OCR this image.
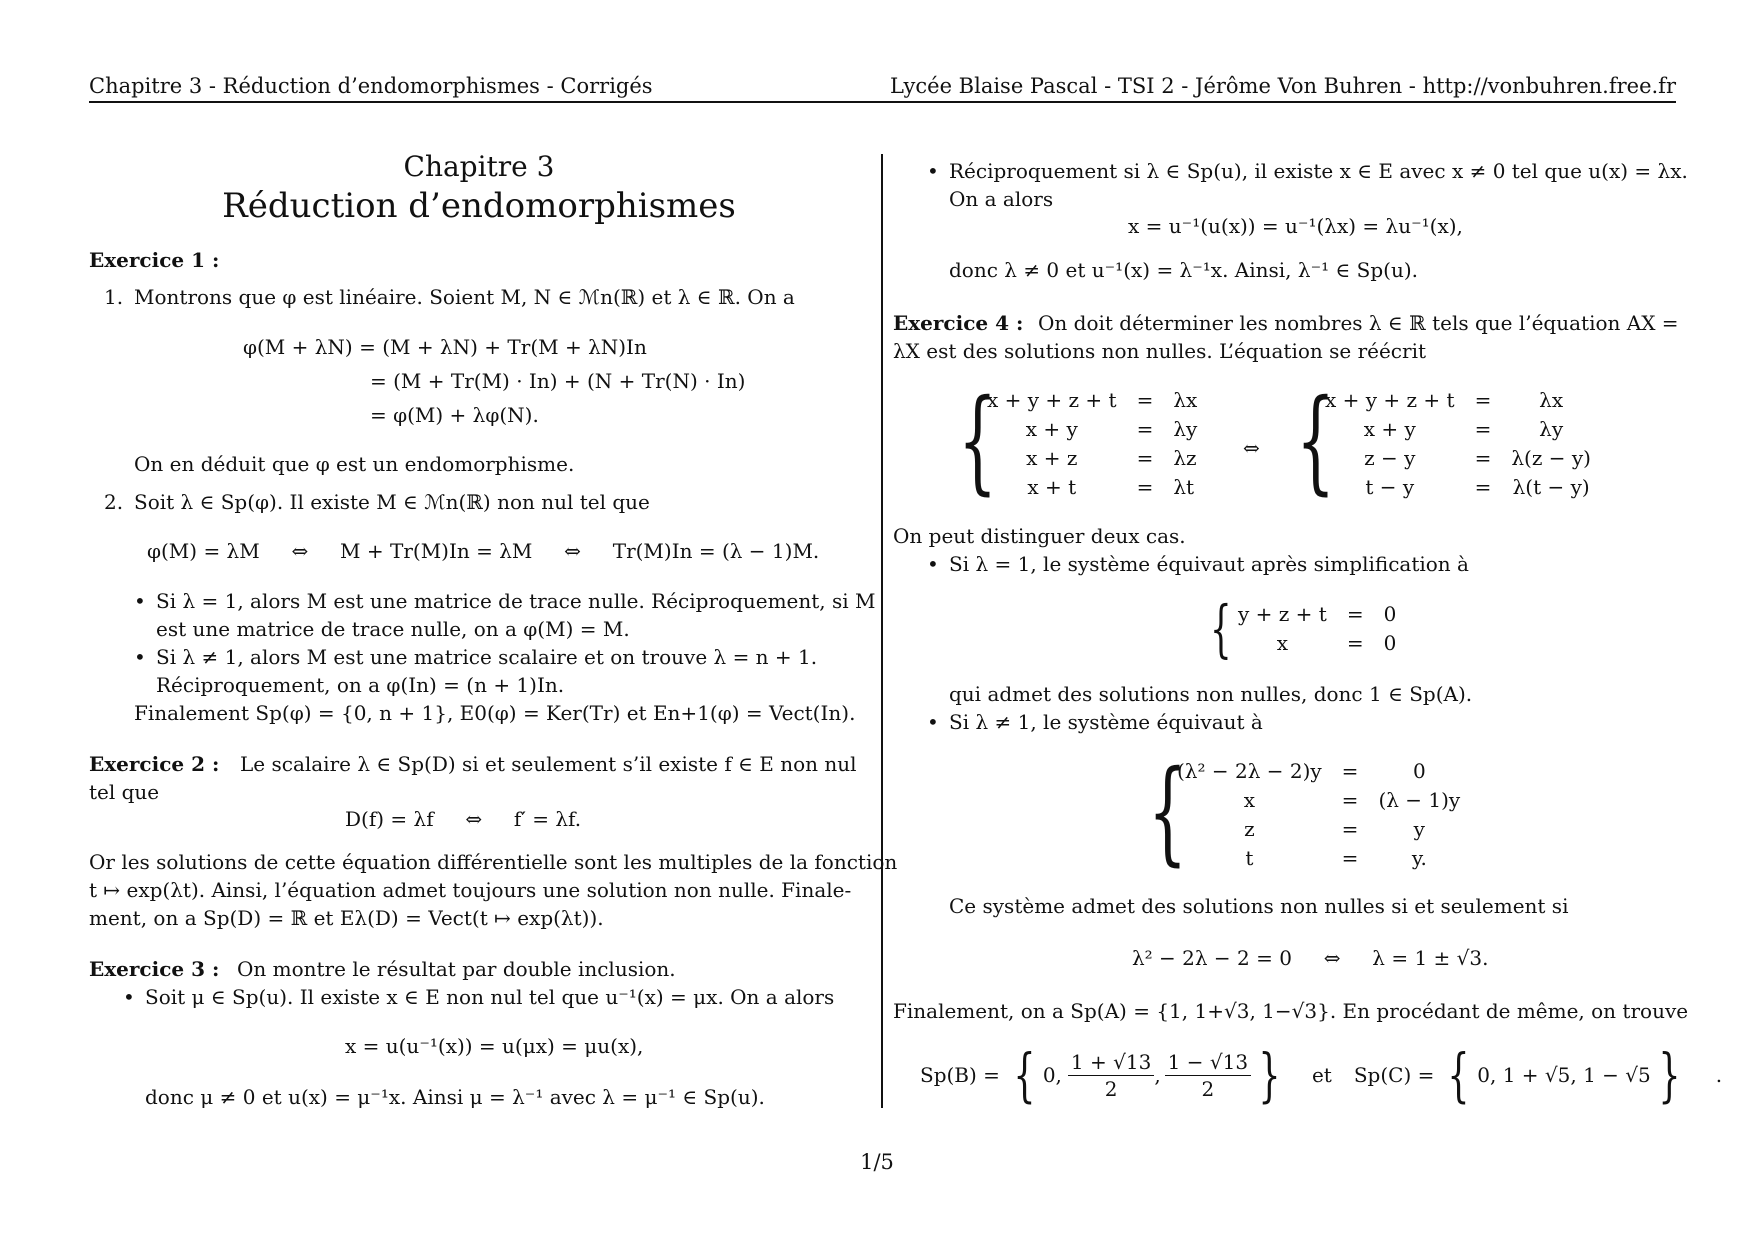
Chapitre 3 - Réduction d’endomorphismes - Corrigés	Lycée Blaise Pascal - TSI 2 - Jérôme Von Buhren - http://vonbuhren.free.fr
Chapitre 3
Réduction d’endomorphismes
Exercice 1 :
1. Montrons que φ est linéaire. Soient M, N ∈ ℳn(ℝ) et λ ∈ ℝ. On a
φ(M + λN) = (M + λN) + Tr(M + λN)In
= (M + Tr(M) · In) + (N + Tr(N) · In)
= φ(M) + λφ(N).
On en déduit que φ est un endomorphisme.
2. Soit λ ∈ Sp(φ). Il existe M ∈ ℳn(ℝ) non nul tel que
φ(M) = λM     ⇔     M + Tr(M)In = λM     ⇔     Tr(M)In = (λ − 1)M.
• Si λ = 1, alors M est une matrice de trace nulle. Réciproquement, si M
est une matrice de trace nulle, on a φ(M) = M.
• Si λ ≠ 1, alors M est une matrice scalaire et on trouve λ = n + 1.
Réciproquement, on a φ(In) = (n + 1)In.
Finalement Sp(φ) = {0, n + 1}, E0(φ) = Ker(Tr) et En+1(φ) = Vect(In).
Exercice 2 : Le scalaire λ ∈ Sp(D) si et seulement s’il existe f ∈ E non nul
tel que
D(f) = λf     ⇔     f′ = λf.
Or les solutions de cette équation différentielle sont les multiples de la fonction
t ↦ exp(λt). Ainsi, l’équation admet toujours une solution non nulle. Finale-
ment, on a Sp(D) = ℝ et Eλ(D) = Vect(t ↦ exp(λt)).
Exercice 3 : On montre le résultat par double inclusion.
• Soit μ ∈ Sp(u). Il existe x ∈ E non nul tel que u⁻¹(x) = μx. On a alors
x = u(u⁻¹(x)) = u(μx) = μu(x),
donc μ ≠ 0 et u(x) = μ⁻¹x. Ainsi μ = λ⁻¹ avec λ = μ⁻¹ ∈ Sp(u).
• Réciproquement si λ ∈ Sp(u), il existe x ∈ E avec x ≠ 0 tel que u(x) = λx.
On a alors
x = u⁻¹(u(x)) = u⁻¹(λx) = λu⁻¹(x),
donc λ ≠ 0 et u⁻¹(x) = λ⁻¹x. Ainsi, λ⁻¹ ∈ Sp(u).
Exercice 4 : On doit déterminer les nombres λ ∈ ℝ tels que l’équation AX =
λX est des solutions non nulles. L’équation se réécrit
{
x + y + z + t	=	λx
x + y	=	λy
x + z	=	λz
x + t	=	λt
⇔ {
x + y + z + t	=	λx
x + y	=	λy
z − y	=	λ(z − y)
t − y	=	λ(t − y)
On peut distinguer deux cas.
• Si λ = 1, le système équivaut après simplification à
{ y + z + t	=	0
x	=	0
qui admet des solutions non nulles, donc 1 ∈ Sp(A).
• Si λ ≠ 1, le système équivaut à
{
(λ² − 2λ − 2)y	=	0
x	=	(λ − 1)y
z	=	y
t	=	y.
Ce système admet des solutions non nulles si et seulement si
λ² − 2λ − 2 = 0     ⇔     λ = 1 ± √3.
Finalement, on a Sp(A) = {1, 1+√3, 1−√3}. En procédant de même, on trouve
Sp(B) = { 0, $\frac{1 + √13}{2}$ , $\frac{1 - √13}{2}$ } et Sp(C) = { 0, 1 + √5, 1 − √5 } .
1/5
